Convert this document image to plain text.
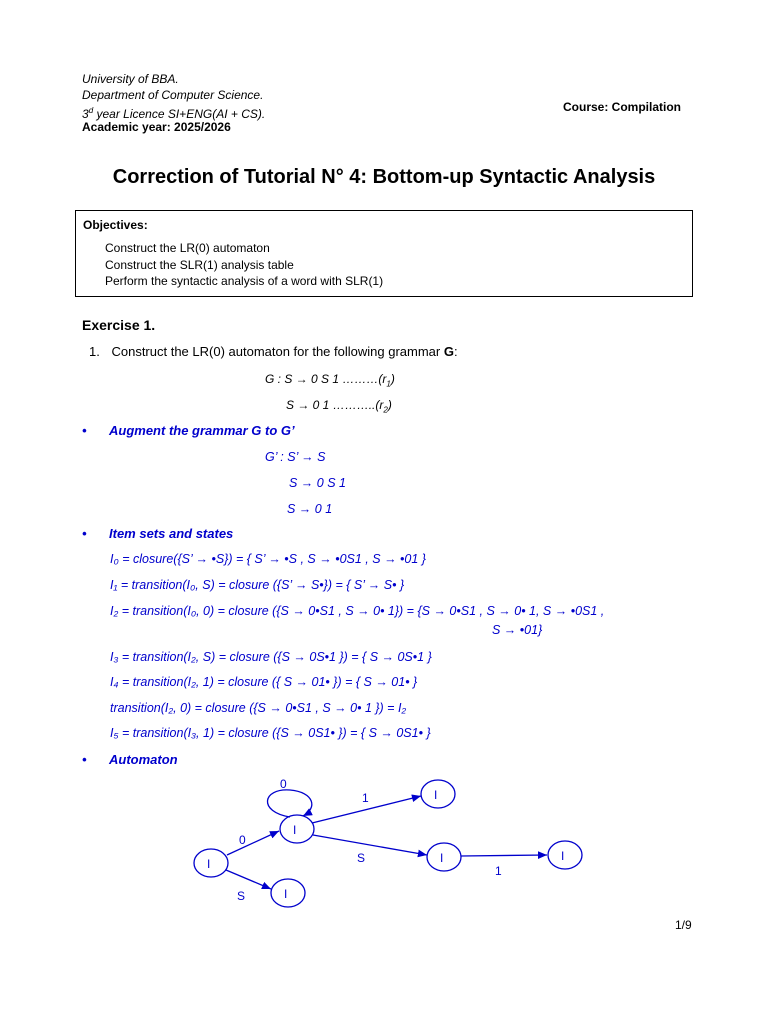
University of BBA.
Department of Computer Science.
3$^d$ year Licence SI+ENG(AI + CS).
Academic year: 2025/2026
Course: Compilation
Correction of Tutorial N° 4: Bottom-up Syntactic Analysis
Objectives:
Construct the LR(0) automaton
Construct the SLR(1) analysis table
Perform the syntactic analysis of a word with SLR(1)
Exercise 1.
1. Construct the LR(0) automaton for the following grammar G:
G : S → 0 S 1 $\dots\dots\dots(r_1)$
S → 0 1 $\dots\dots\dots..(r_2)$
• Augment the grammar G to G’
G’ : S’ → S
S → 0 S 1
S → 0 1
• Item sets and states
I₀ = closure({S’ → •S}) = { S’ → •S , S → •0S1 , S → •01 }
I₁ = transition(I₀, S) = closure ({S’ → S•}) = { S’ → S• }
I₂ = transition(I₀, 0) = closure ({S → 0•S1 , S → 0• 1}) = {S → 0•S1 , S → 0• 1, S → •0S1 ,
S → •01}
I₃ = transition(I₂, S) = closure ({S → 0S•1 }) = { S → 0S•1 }
I₄ = transition(I₂, 1) = closure ({ S → 01• }) = { S → 01• }
transition(I₂, 0) = closure ({S → 0•S1 , S → 0• 1 }) = I₂
I₅ = transition(I₃, 1) = closure ({S → 0S1• }) = { S → 0S1• }
• Automaton
I
I
I
I
I	I
0
0
1
S
1
S
1/9
